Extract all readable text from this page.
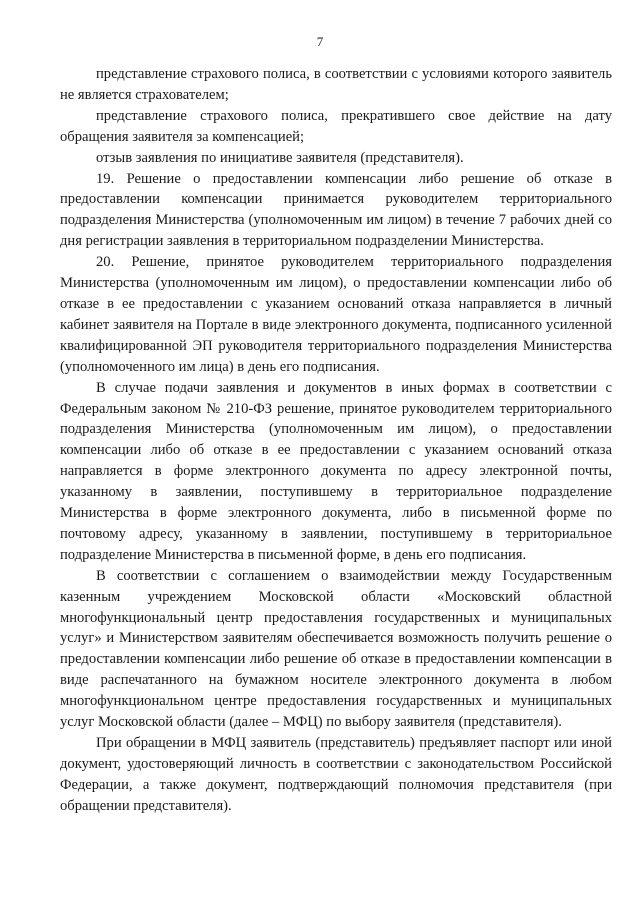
7

представление страхового полиса, в соответствии с условиями которого заявитель не является страхователем;

представление страхового полиса, прекратившего свое действие на дату обращения заявителя за компенсацией;

отзыв заявления по инициативе заявителя (представителя).

19. Решение о предоставлении компенсации либо решение об отказе в предоставлении компенсации принимается руководителем территориального подразделения Министерства (уполномоченным им лицом) в течение 7 рабочих дней со дня регистрации заявления в территориальном подразделении Министерства.

20. Решение, принятое руководителем территориального подразделения Министерства (уполномоченным им лицом), о предоставлении компенсации либо об отказе в ее предоставлении с указанием оснований отказа направляется в личный кабинет заявителя на Портале в виде электронного документа, подписанного усиленной квалифицированной ЭП руководителя территориального подразделения Министерства (уполномоченного им лица) в день его подписания.

В случае подачи заявления и документов в иных формах в соответствии с Федеральным законом № 210-ФЗ решение, принятое руководителем территориального подразделения Министерства (уполномоченным им лицом), о предоставлении компенсации либо об отказе в ее предоставлении с указанием оснований отказа направляется в форме электронного документа по адресу электронной почты, указанному в заявлении, поступившему в территориальное подразделение Министерства в форме электронного документа, либо в письменной форме по почтовому адресу, указанному в заявлении, поступившему в территориальное подразделение Министерства в письменной форме, в день его подписания.

В соответствии с соглашением о взаимодействии между Государственным казенным учреждением Московской области «Московский областной многофункциональный центр предоставления государственных и муниципальных услуг» и Министерством заявителям обеспечивается возможность получить решение о предоставлении компенсации либо решение об отказе в предоставлении компенсации в виде распечатанного на бумажном носителе электронного документа в любом многофункциональном центре предоставления государственных и муниципальных услуг Московской области (далее – МФЦ) по выбору заявителя (представителя).

При обращении в МФЦ заявитель (представитель) предъявляет паспорт или иной документ, удостоверяющий личность в соответствии с законодательством Российской Федерации, а также документ, подтверждающий полномочия представителя (при обращении представителя).
